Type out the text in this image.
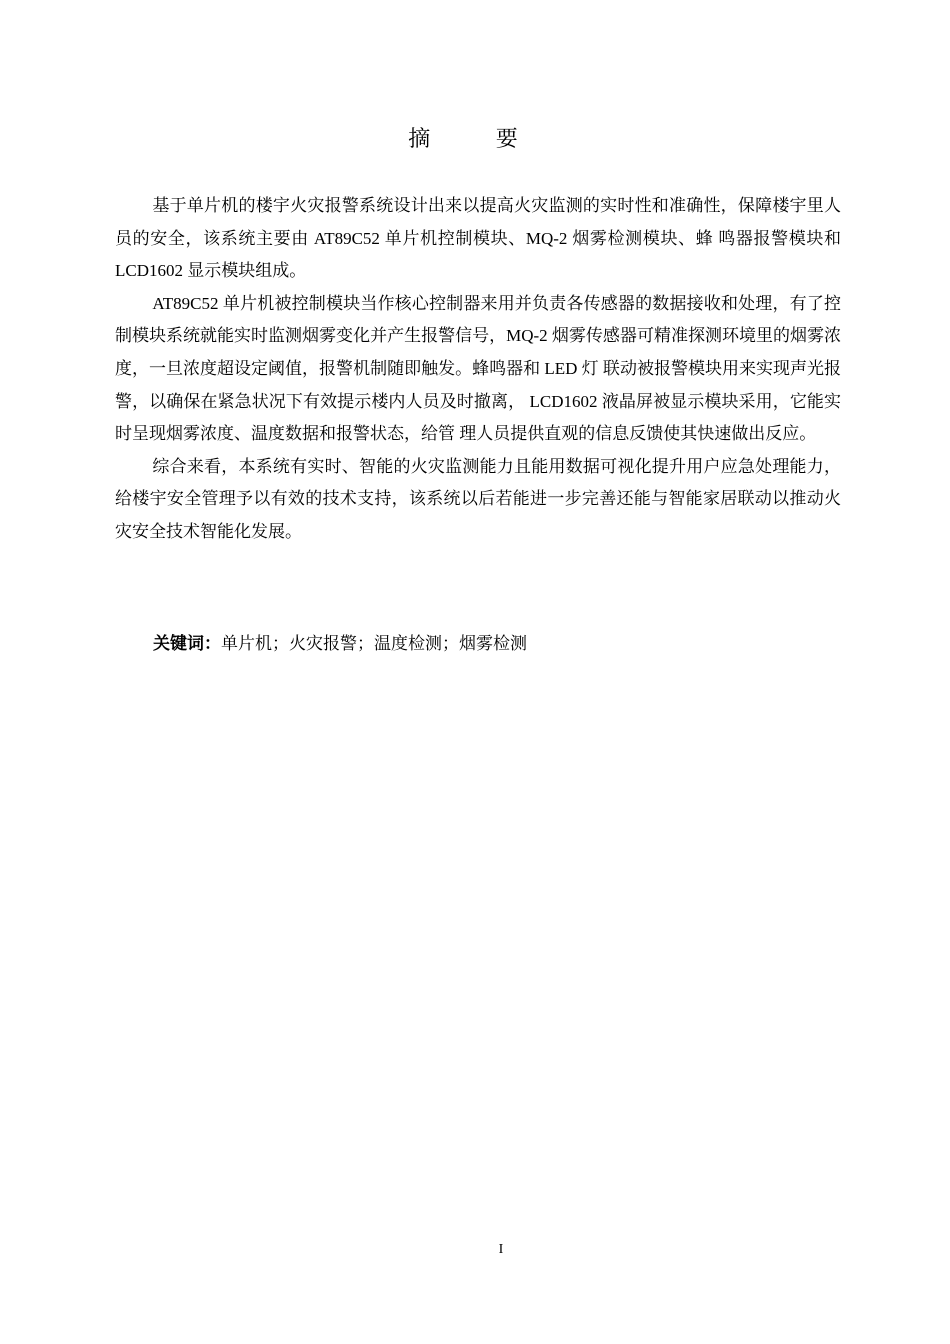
摘 要

基于单片机的楼宇火灾报警系统设计出来以提高火灾监测的实时性和准确性，保障楼宇里人员的安全，该系统主要由 AT89C52 单片机控制模块、MQ-2 烟雾检测模块、蜂 鸣器报警模块和 LCD1602 显示模块组成。

AT89C52 单片机被控制模块当作核心控制器来用并负责各传感器的数据接收和处理，有了控制模块系统就能实时监测烟雾变化并产生报警信号，MQ-2 烟雾传感器可精准探测环境里的烟雾浓度，一旦浓度超设定阈值，报警机制随即触发。蜂鸣器和 LED 灯 联动被报警模块用来实现声光报警，以确保在紧急状况下有效提示楼内人员及时撤离， LCD1602 液晶屏被显示模块采用，它能实时呈现烟雾浓度、温度数据和报警状态，给管 理人员提供直观的信息反馈使其快速做出反应。

综合来看，本系统有实时、智能的火灾监测能力且能用数据可视化提升用户应急处理能力，给楼宇安全管理予以有效的技术支持，该系统以后若能进一步完善还能与智能家居联动以推动火灾安全技术智能化发展。

关键词：单片机；火灾报警；温度检测；烟雾检测
I
